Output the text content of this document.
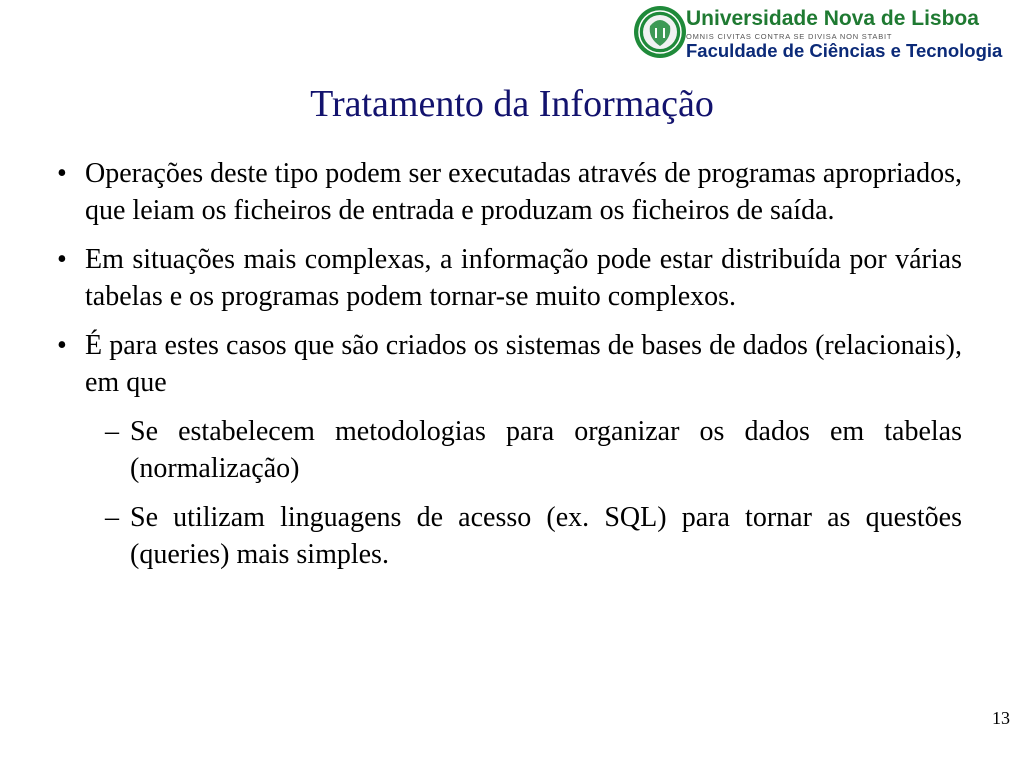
Universidade Nova de Lisboa
OMNIS CIVITAS CONTRA SE DIVISA NON STABIT
Faculdade de Ciências e Tecnologia
Tratamento da Informação
• Operações deste tipo podem ser executadas através de programas apropriados, que leiam os ficheiros de entrada e produzam os ficheiros de saída.
• Em situações mais complexas, a informação pode estar distribuída por várias tabelas e os programas podem tornar-se muito complexos.
• É para estes casos que são criados os sistemas de bases de dados (relacionais), em que
– Se estabelecem metodologias para organizar os dados em tabelas (normalização)
– Se utilizam linguagens de acesso (ex. SQL) para tornar as questões (queries) mais simples.
13
